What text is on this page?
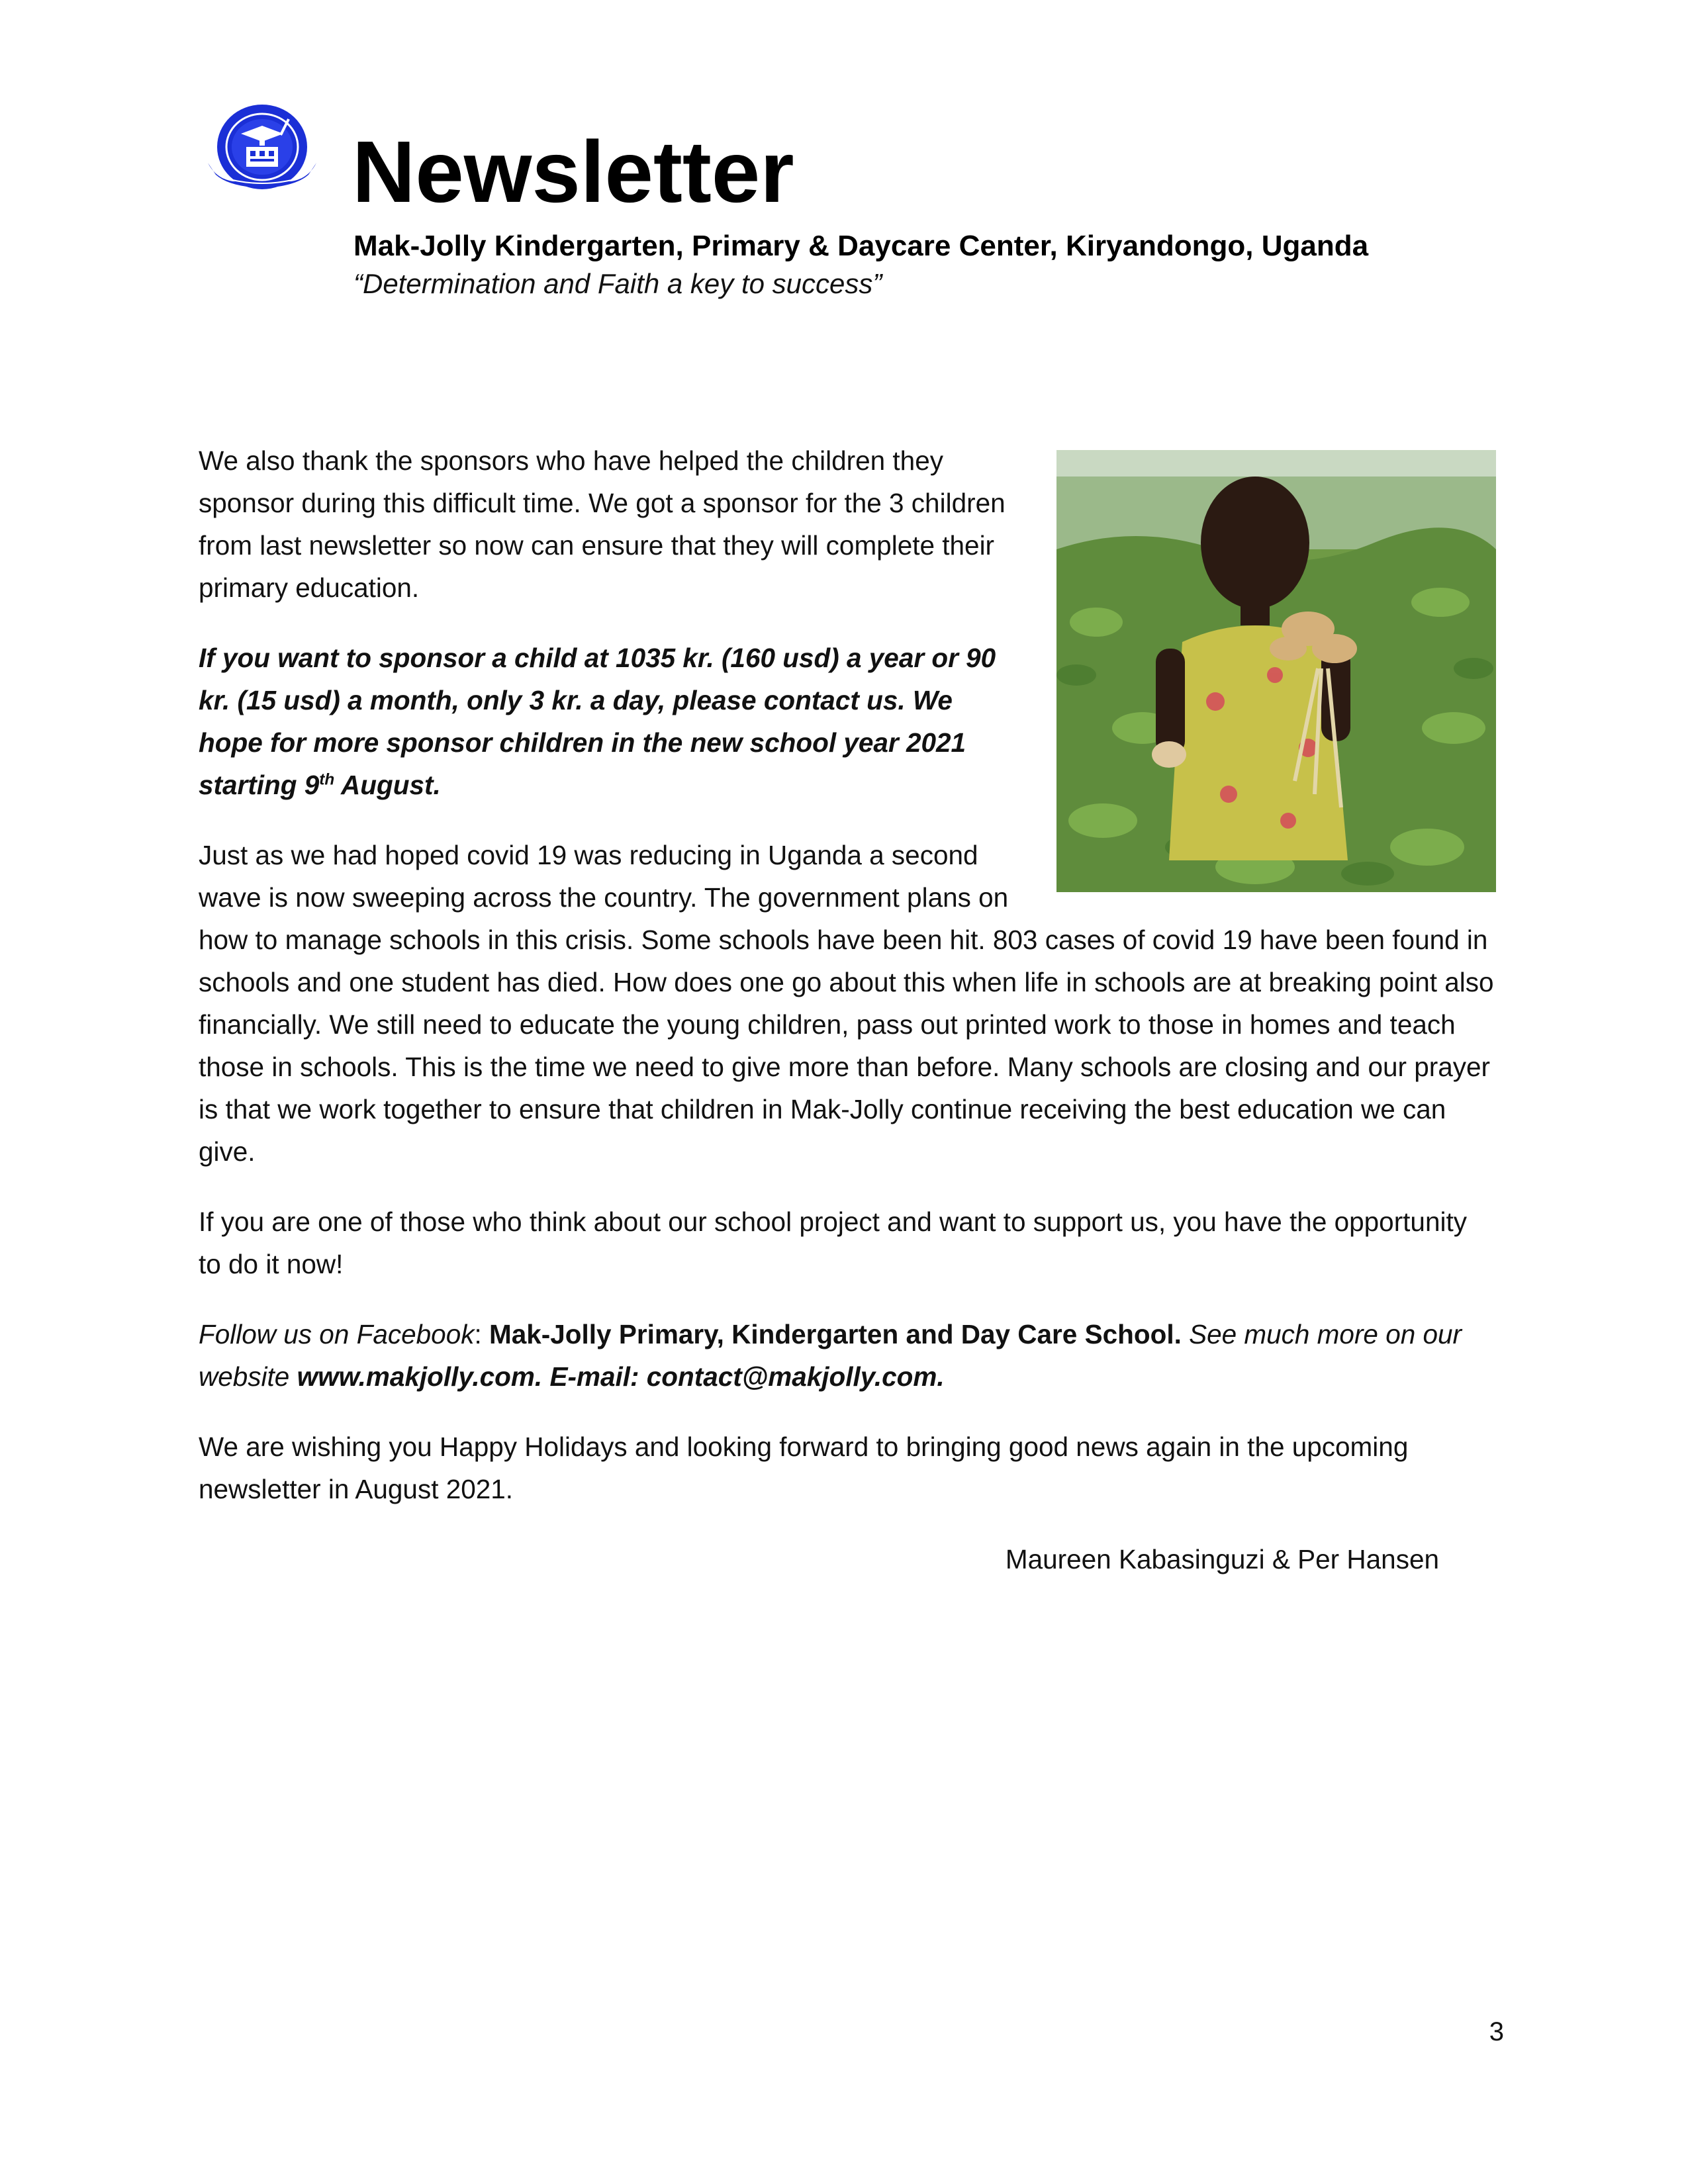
Newsletter
Mak-Jolly Kindergarten, Primary & Daycare Center, Kiryandongo, Uganda
“Determination and Faith a key to success”

We also thank the sponsors who have helped the children they sponsor during this difficult time. We got a sponsor for the 3 children from last newsletter so now can ensure that they will complete their primary education.

If you want to sponsor a child at 1035 kr. (160 usd) a year or 90 kr. (15 usd) a month, only 3 kr. a day, please contact us. We hope for more sponsor children in the new school year 2021 starting 9th August.

Just as we had hoped covid 19 was reducing in Uganda a second wave is now sweeping across the country. The government plans on how to manage schools in this crisis. Some schools have been hit. 803 cases of covid 19 have been found in schools and one student has died. How does one go about this when life in schools are at breaking point also financially. We still need to educate the young children, pass out printed work to those in homes and teach those in schools. This is the time we need to give more than before. Many schools are closing and our prayer is that we work together to ensure that children in Mak-Jolly continue receiving the best education we can give.

If you are one of those who think about our school project and want to support us, you have the opportunity to do it now!

Follow us on Facebook: Mak-Jolly Primary, Kindergarten and Day Care School. See much more on our website www.makjolly.com. E-mail: contact@makjolly.com.

We are wishing you Happy Holidays and looking forward to bringing good news again in the upcoming newsletter in August 2021.

Maureen Kabasinguzi & Per Hansen

3
